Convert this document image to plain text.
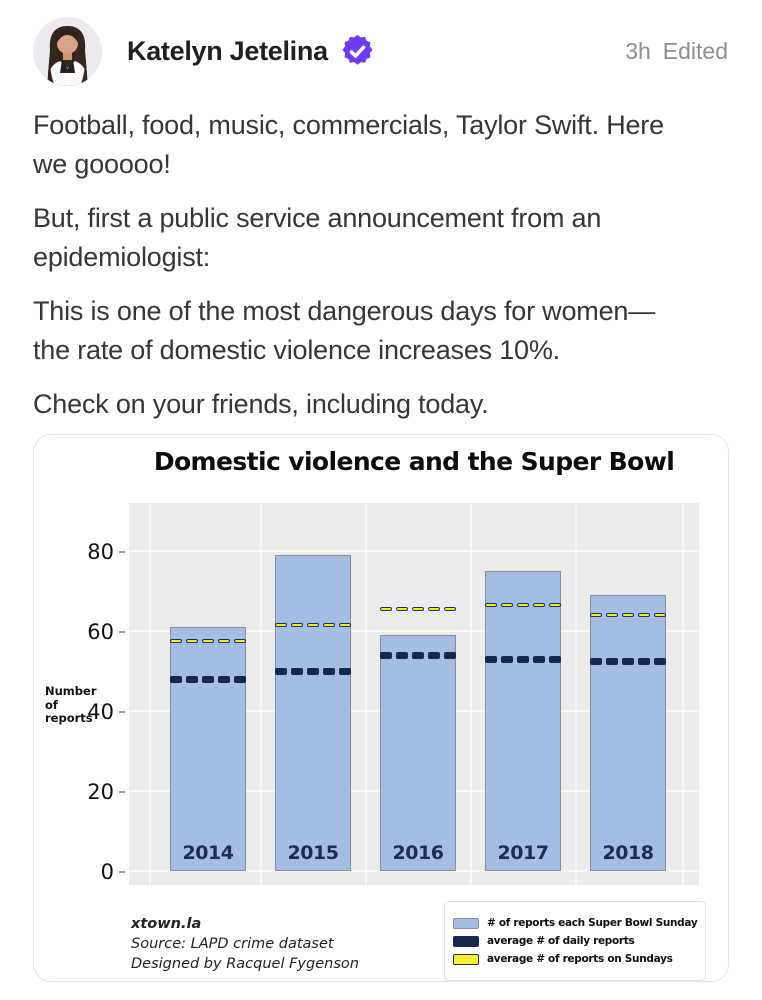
Katelyn Jetelina	3h Edited

Football, food, music, commercials, Taylor Swift. Here we gooooo!

But, first a public service announcement from an epidemiologist:

This is one of the most dangerous days for women—the rate of domestic violence increases 10%.

Check on your friends, including today.

Domestic violence and the Super Bowl
Number of reports
0
20
40
60
80
2014	2015	2016	2017	2018
xtown.la
Source: LAPD crime dataset
Designed by Racquel Fygenson
# of reports each Super Bowl Sunday
average # of daily reports
average # of reports on Sundays
